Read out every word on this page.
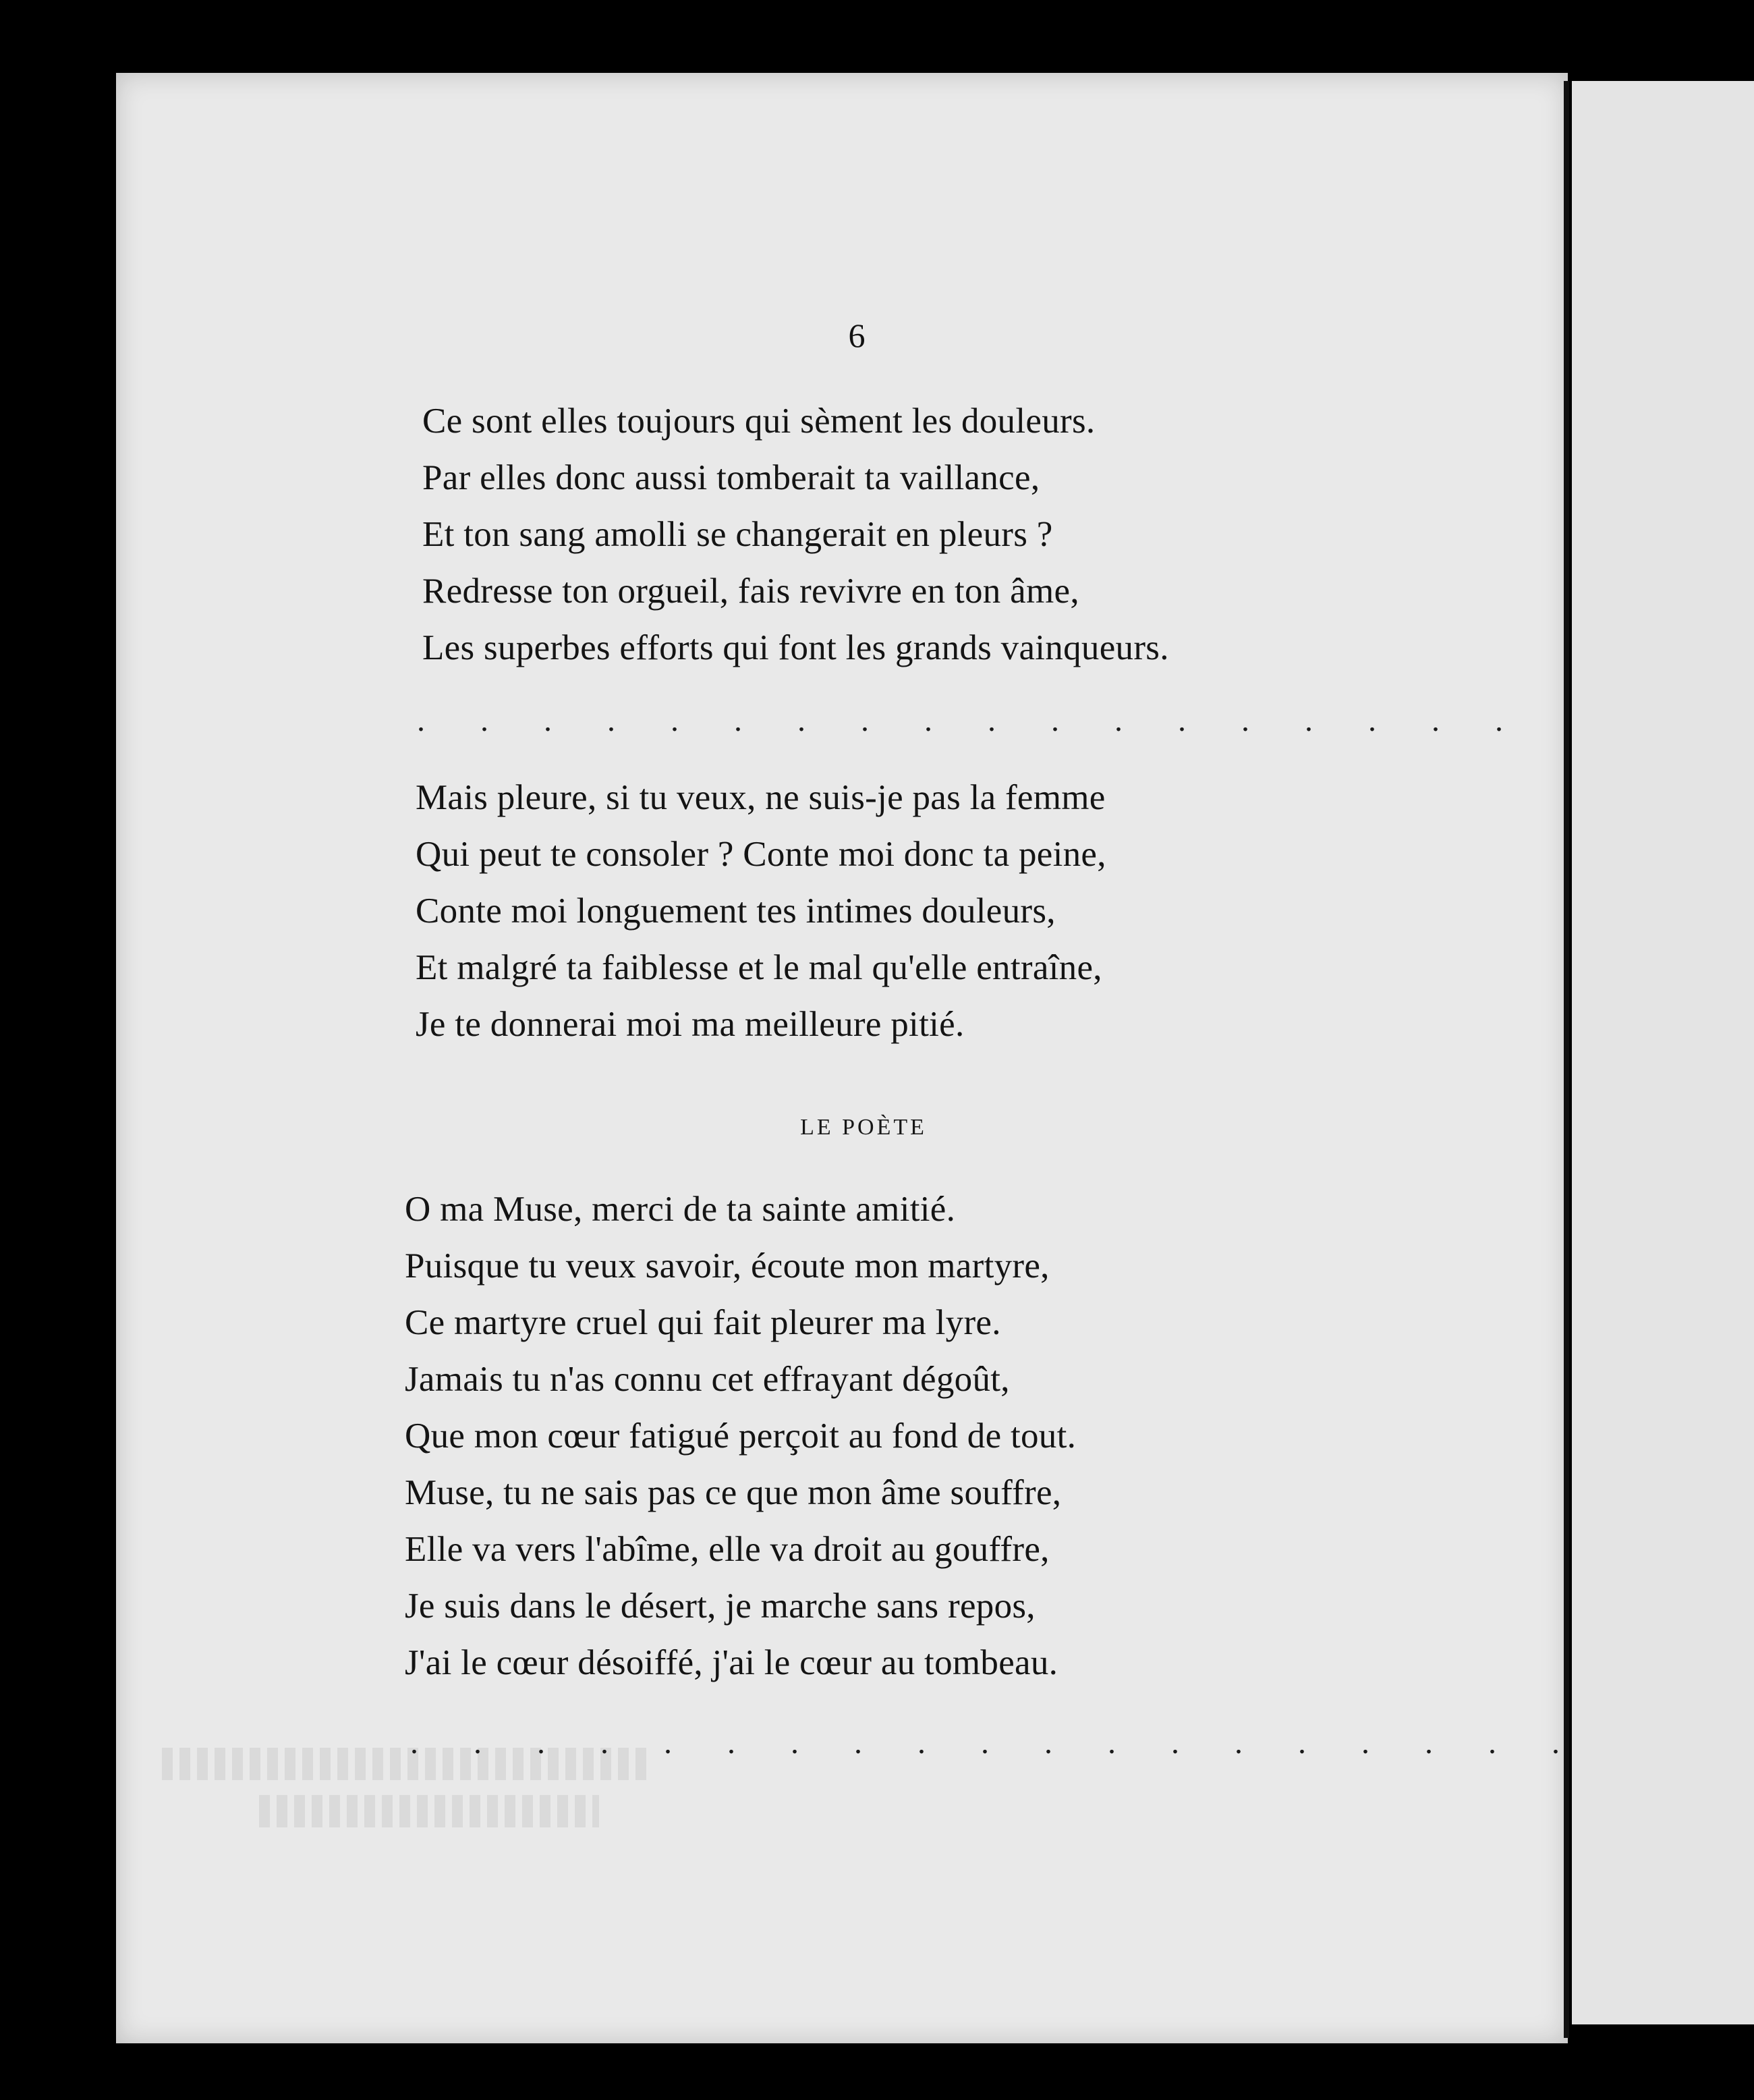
6
Ce sont elles toujours qui sèment les douleurs.
Par elles donc aussi tomberait ta vaillance,
Et ton sang amolli se changerait en pleurs ?
Redresse ton orgueil, fais revivre en ton âme,
Les superbes efforts qui font les grands vainqueurs.
. . . . . . . . . . . . . . . . . .
Mais pleure, si tu veux, ne suis-je pas la femme
Qui peut te consoler ? Conte moi donc ta peine,
Conte moi longuement tes intimes douleurs,
Et malgré ta faiblesse et le mal qu'elle entraîne,
Je te donnerai moi ma meilleure pitié.
LE POÈTE
O ma Muse, merci de ta sainte amitié.
Puisque tu veux savoir, écoute mon martyre,
Ce martyre cruel qui fait pleurer ma lyre.
Jamais tu n'as connu cet effrayant dégoût,
Que mon cœur fatigué perçoit au fond de tout.
Muse, tu ne sais pas ce que mon âme souffre,
Elle va vers l'abîme, elle va droit au gouffre,
Je suis dans le désert, je marche sans repos,
J'ai le cœur désoiffé, j'ai le cœur au tombeau.
. . . . . . . . . . . . . . . . . . .
